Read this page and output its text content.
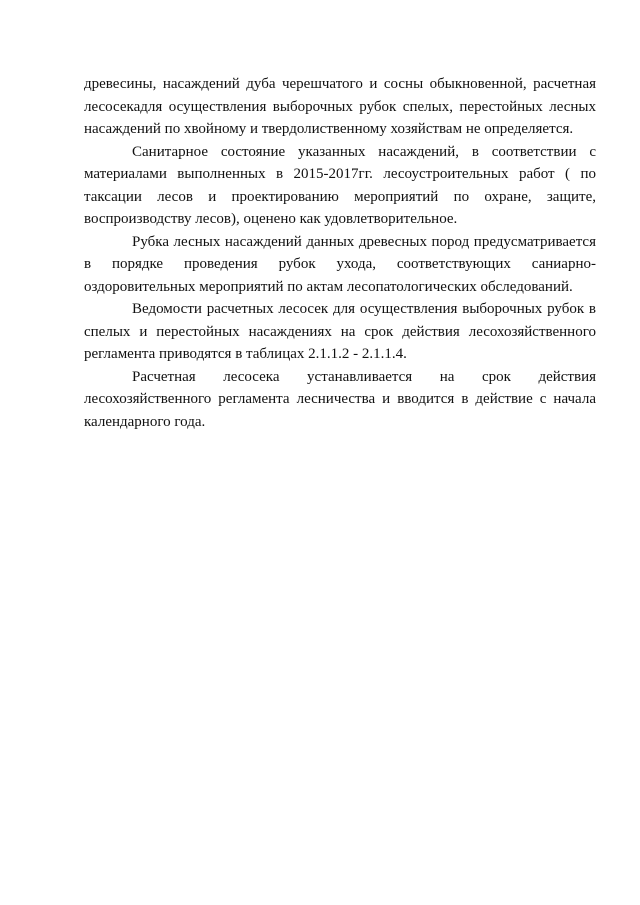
древесины, насаждений дуба черешчатого и сосны обыкновенной, расчетная лесосекадля осуществления выборочных рубок спелых, перестойных лесных насаждений по хвойному и твердолиственному хозяйствам не определяется.

Санитарное состояние указанных насаждений, в соответствии с материалами выполненных в 2015-2017гг. лесоустроительных работ ( по таксации лесов и проектированию мероприятий по охране, защите, воспроизводству лесов), оценено как удовлетворительное.

Рубка лесных насаждений данных древесных пород предусматривается в порядке проведения рубок ухода, соответствующих саниарно-оздоровительных мероприятий по актам лесопатологических обследований.

Ведомости расчетных лесосек для осуществления выборочных рубок в спелых и перестойных насаждениях на срок действия лесохозяйственного регламента приводятся в таблицах 2.1.1.2 - 2.1.1.4.

Расчетная лесосека устанавливается на срок действия лесохозяйственного регламента лесничества и вводится в действие с начала календарного года.
